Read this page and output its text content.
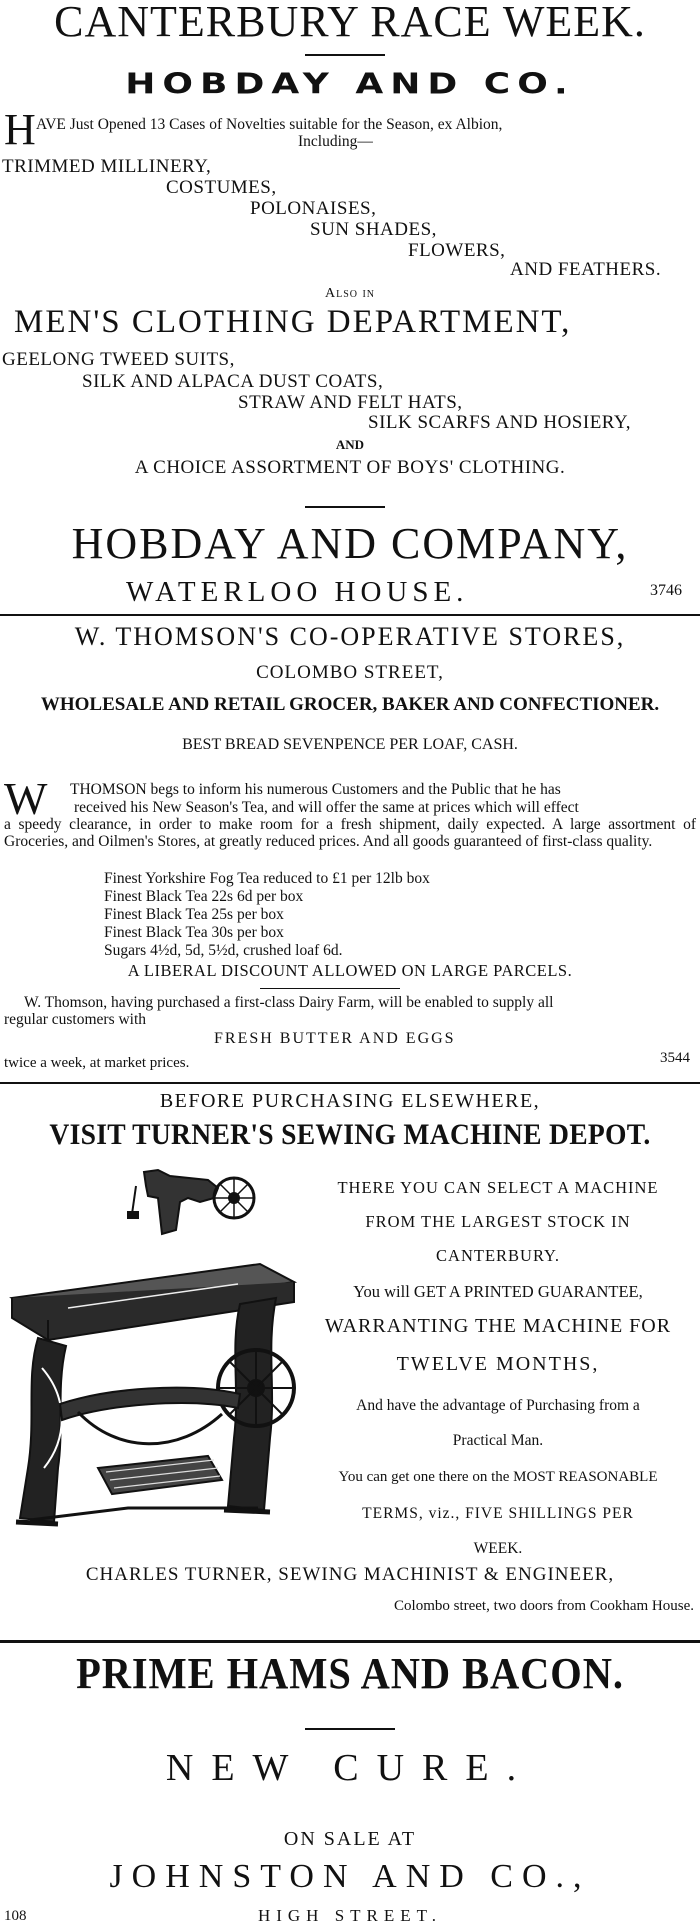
CANTERBURY RACE WEEK.
HOBDAY AND CO.
H AVE Just Opened 13 Cases of Novelties suitable for the Season, ex Albion,
Including—
TRIMMED MILLINERY,
COSTUMES,
POLONAISES,
SUN SHADES,
FLOWERS,
AND FEATHERS.
Also in
MEN'S CLOTHING DEPARTMENT,
GEELONG TWEED SUITS,
SILK AND ALPACA DUST COATS,
STRAW AND FELT HATS,
SILK SCARFS AND HOSIERY,
AND
A CHOICE ASSORTMENT OF BOYS' CLOTHING.
HOBDAY AND COMPANY,
WATERLOO HOUSE.	3746
W. THOMSON'S CO-OPERATIVE STORES,
COLOMBO STREET,
WHOLESALE AND RETAIL GROCER, BAKER AND CONFECTIONER.
BEST BREAD SEVENPENCE PER LOAF, CASH.
W THOMSON begs to inform his numerous Customers and the Public that he has
received his New Season's Tea, and will offer the same at prices which will effect
a speedy clearance, in order to make room for a fresh shipment, daily expected. A large assortment of Groceries, and Oilmen's Stores, at greatly reduced prices. And all goods guaranteed of first-class quality.
Finest Yorkshire Fog Tea reduced to £1 per 12lb box
Finest Black Tea 22s 6d per box
Finest Black Tea 25s per box
Finest Black Tea 30s per box
Sugars 4½d, 5d, 5½d, crushed loaf 6d.
A LIBERAL DISCOUNT ALLOWED ON LARGE PARCELS.
W. Thomson, having purchased a first-class Dairy Farm, will be enabled to supply all
regular customers with
FRESH BUTTER AND EGGS
twice a week, at market prices.	3544
BEFORE PURCHASING ELSEWHERE,
VISIT TURNER'S SEWING MACHINE DEPOT.
THERE YOU CAN SELECT A MACHINE
FROM THE LARGEST STOCK IN
CANTERBURY.
You will GET A PRINTED GUARANTEE,
WARRANTING THE MACHINE FOR
TWELVE MONTHS,
And have the advantage of Purchasing from a
Practical Man.
You can get one there on the MOST REASONABLE
TERMS, viz., FIVE SHILLINGS PER
WEEK.
CHARLES TURNER, SEWING MACHINIST & ENGINEER,
Colombo street, two doors from Cookham House.
PRIME HAMS AND BACON.
NEW CURE.
ON SALE AT
JOHNSTON AND CO.,
108	HIGH STREET.
